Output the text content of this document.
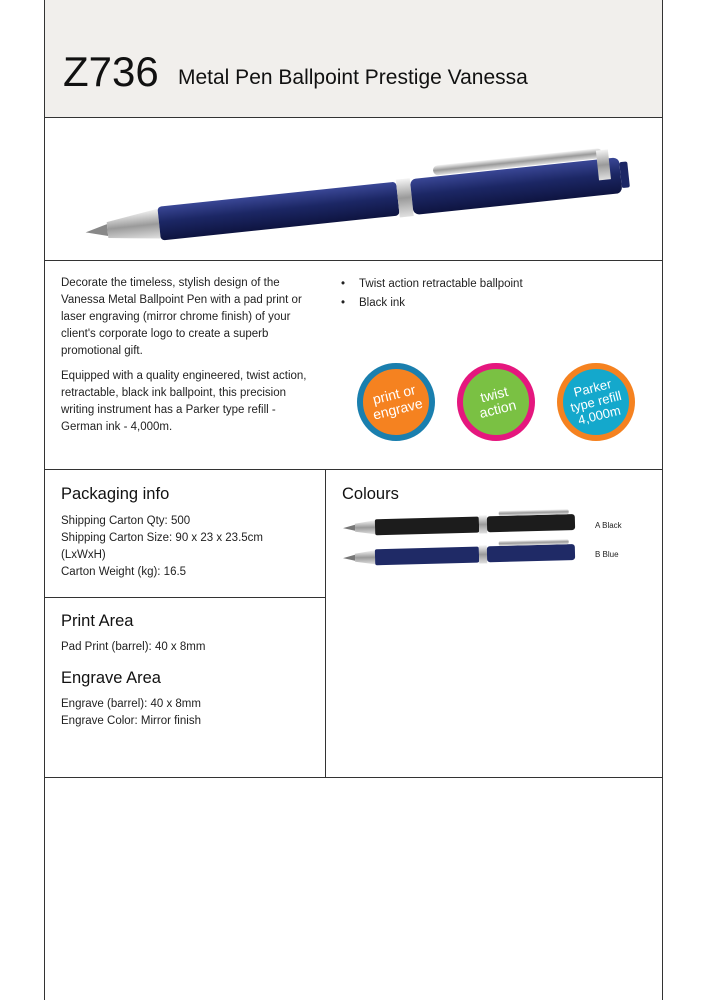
Z736 Metal Pen Ballpoint Prestige Vanessa

Decorate the timeless, stylish design of the Vanessa Metal Ballpoint Pen with a pad print or laser engraving (mirror chrome finish) of your client's corporate logo to create a superb promotional gift.

Equipped with a quality engineered, twist action, retractable, black ink ballpoint, this precision writing instrument has a Parker type refill - German ink - 4,000m.

• Twist action retractable ballpoint
• Black ink
print or engrave
twist action
Parker type refill 4,000m
Packaging info
Shipping Carton Qty: 500
Shipping Carton Size: 90 x 23 x 23.5cm
(LxWxH)
Carton Weight (kg): 16.5
Colours
A Black
B Blue
Print Area
Pad Print (barrel): 40 x 8mm
Engrave Area
Engrave (barrel): 40 x 8mm
Engrave Color: Mirror finish
